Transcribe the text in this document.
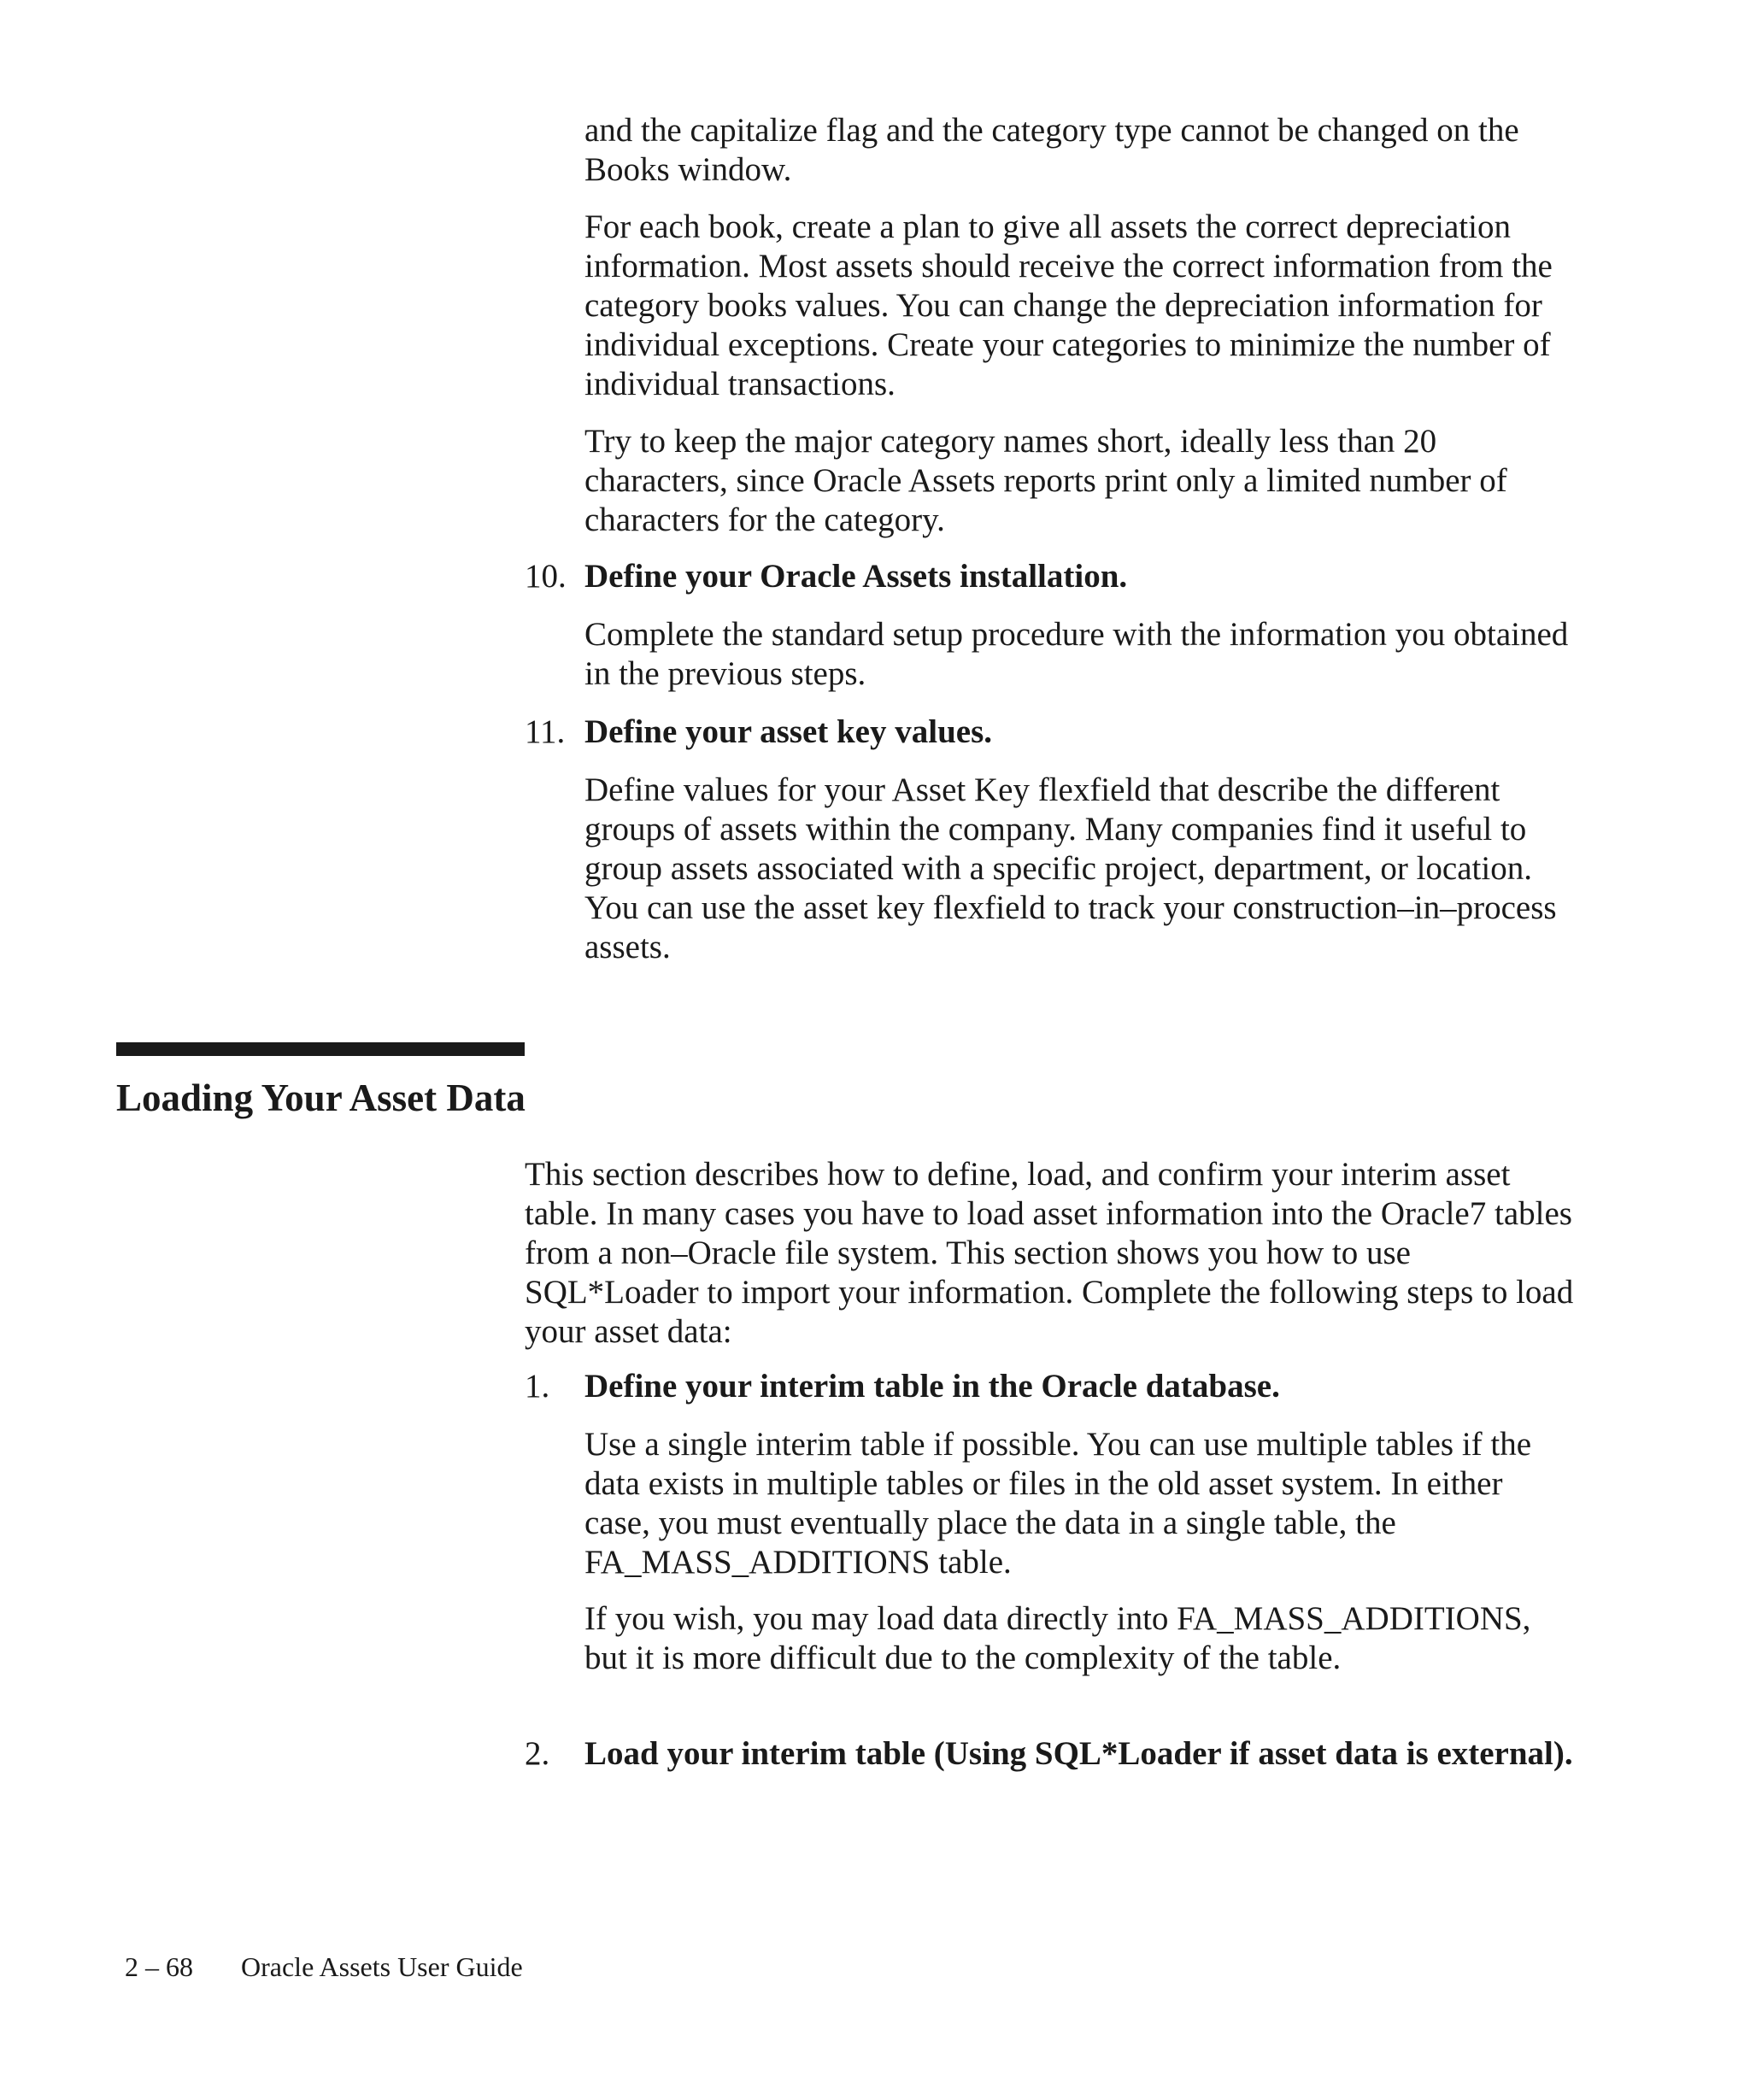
and the capitalize flag and the category type cannot be changed on the Books window.

For each book, create a plan to give all assets the correct depreciation information. Most assets should receive the correct information from the category books values. You can change the depreciation information for individual exceptions. Create your categories to minimize the number of individual transactions.

Try to keep the major category names short, ideally less than 20 characters, since Oracle Assets reports print only a limited number of characters for the category.

10. Define your Oracle Assets installation.

Complete the standard setup procedure with the information you obtained in the previous steps.

11. Define your asset key values.

Define values for your Asset Key flexfield that describe the different groups of assets within the company. Many companies find it useful to group assets associated with a specific project, department, or location. You can use the asset key flexfield to track your construction–in–process assets.

Loading Your Asset Data

This section describes how to define, load, and confirm your interim asset table. In many cases you have to load asset information into the Oracle7 tables from a non–Oracle file system. This section shows you how to use SQL*Loader to import your information. Complete the following steps to load your asset data:

1. Define your interim table in the Oracle database.

Use a single interim table if possible. You can use multiple tables if the data exists in multiple tables or files in the old asset system. In either case, you must eventually place the data in a single table, the FA_MASS_ADDITIONS table.

If you wish, you may load data directly into FA_MASS_ADDITIONS, but it is more difficult due to the complexity of the table.

2. Load your interim table (Using SQL*Loader if asset data is external).
2 – 68 Oracle Assets User Guide
